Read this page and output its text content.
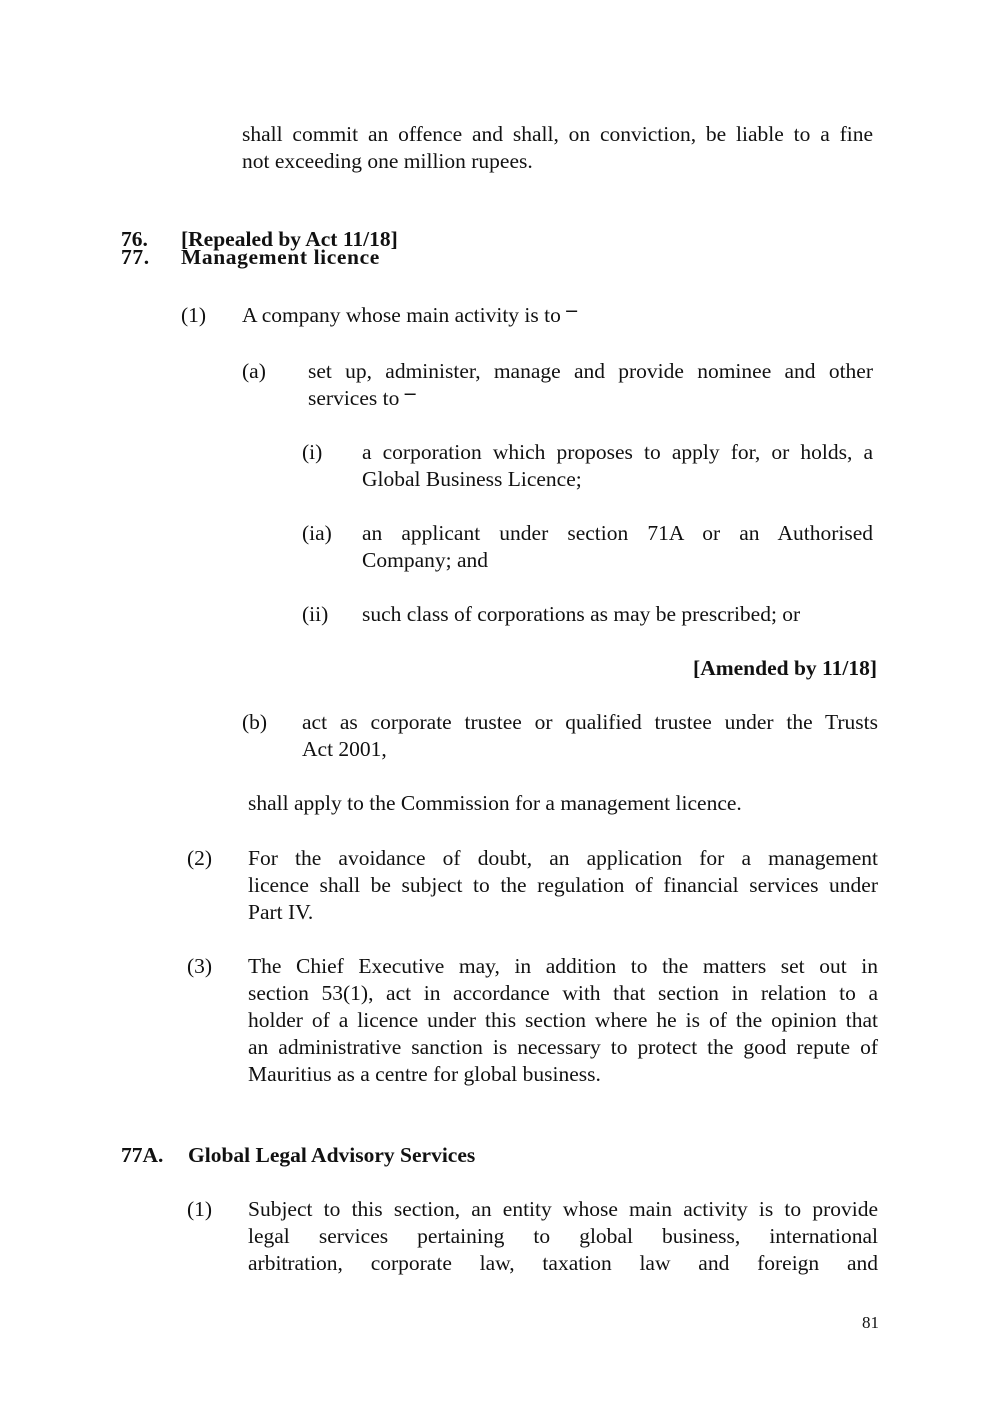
shall commit an offence and shall, on conviction, be liable to a fine
not exceeding one million rupees.
76. [Repealed by Act 11/18]
77. Management licence
(1) A company whose main activity is to –
(a) set up, administer, manage and provide nominee and other
services to –
(i) a corporation which proposes to apply for, or holds, a
Global Business Licence;
(ia) an applicant under section 71A or an Authorised
Company; and
(ii) such class of corporations as may be prescribed; or
[Amended by 11/18]
(b) act as corporate trustee or qualified trustee under the Trusts
Act 2001,
shall apply to the Commission for a management licence.
(2) For the avoidance of doubt, an application for a management
licence shall be subject to the regulation of financial services under
Part IV.
(3) The Chief Executive may, in addition to the matters set out in
section 53(1), act in accordance with that section in relation to a
holder of a licence under this section where he is of the opinion that
an administrative sanction is necessary to protect the good repute of
Mauritius as a centre for global business.
77A. Global Legal Advisory Services
(1) Subject to this section, an entity whose main activity is to provide
legal services pertaining to global business, international
arbitration, corporate law, taxation law and foreign and
81
